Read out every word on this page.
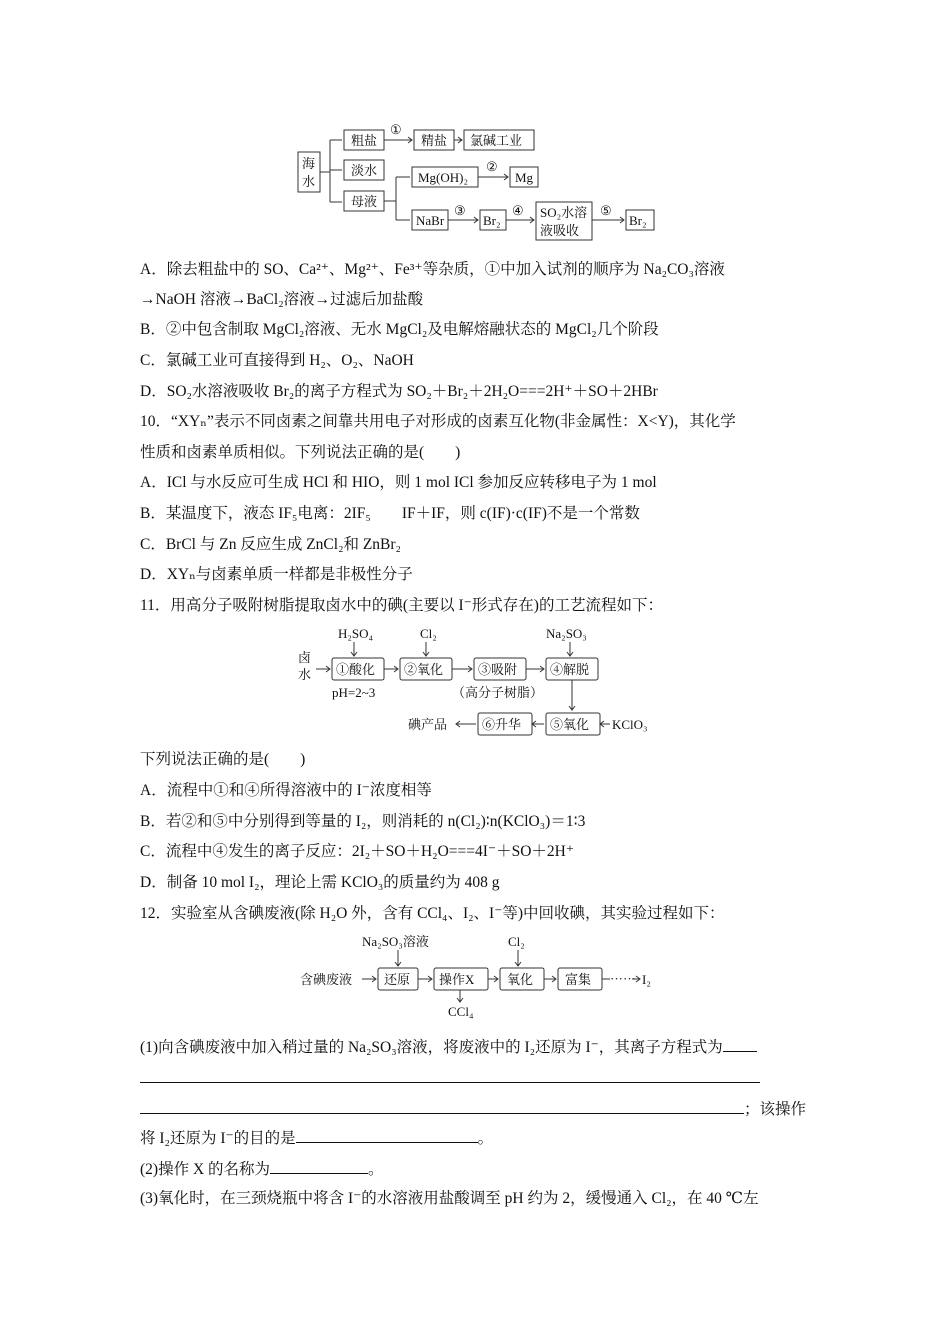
海
水
粗盐
淡水
母液
①
精盐 氯碱工业
Mg(OH)₂
②
Mg
NaBr
③
Br₂
④ SO₂水溶
液吸收
⑤
Br₂
A．除去粗盐中的 SO、Ca²⁺、Mg²⁺、Fe³⁺等杂质，①中加入试剂的顺序为 Na₂CO₃溶液
→NaOH 溶液→BaCl₂溶液→过滤后加盐酸
B．②中包含制取 MgCl₂溶液、无水 MgCl₂及电解熔融状态的 MgCl₂几个阶段
C．氯碱工业可直接得到 H₂、O₂、NaOH
D．SO₂水溶液吸收 Br₂的离子方程式为 SO₂＋Br₂＋2H₂O===2H⁺＋SO＋2HBr
10．“XYₙ”表示不同卤素之间靠共用电子对形成的卤素互化物(非金属性：X<Y)，其化学
性质和卤素单质相似。下列说法正确的是(　　)
A．ICl 与水反应可生成 HCl 和 HIO，则 1 mol ICl 参加反应转移电子为 1 mol
B．某温度下，液态 IF₅电离：2IF₅　　IF＋IF，则 c(IF)·c(IF)不是一个常数
C．BrCl 与 Zn 反应生成 ZnCl₂和 ZnBr₂
D．XYₙ与卤素单质一样都是非极性分子
11．用高分子吸附树脂提取卤水中的碘(主要以 I⁻形式存在)的工艺流程如下：
卤
水
H₂SO₄
①酸化
Cl₂
②氧化	③吸附
Na₂SO₃
④解脱
pH=2~3	（高分子树脂）
碘产品	⑥升华 ⑤氧化 KClO₃
下列说法正确的是(　　)
A．流程中①和④所得溶液中的 I⁻浓度相等
B．若②和⑤中分别得到等量的 I₂，则消耗的 n(Cl₂)∶n(KClO₃)＝1∶3
C．流程中④发生的离子反应：2I₂＋SO＋H₂O===4I⁻＋SO＋2H⁺
D．制备 10 mol I₂，理论上需 KClO₃的质量约为 408 g
12．实验室从含碘废液(除 H₂O 外，含有 CCl₄、I₂、I⁻等)中回收碘，其实验过程如下：
Na₂SO₃溶液	Cl₂
含碘废液 还原 操作X	氧化 富集 ······ I₂
CCl₄
(1)向含碘废液中加入稍过量的 Na₂SO₃溶液，将废液中的 I₂还原为 I⁻，其离子方程式为
；该操作
将 I₂还原为 I⁻的目的是	。
(2)操作 X 的名称为	。
(3)氧化时，在三颈烧瓶中将含 I⁻的水溶液用盐酸调至 pH 约为 2，缓慢通入 Cl₂，在 40 ℃左
